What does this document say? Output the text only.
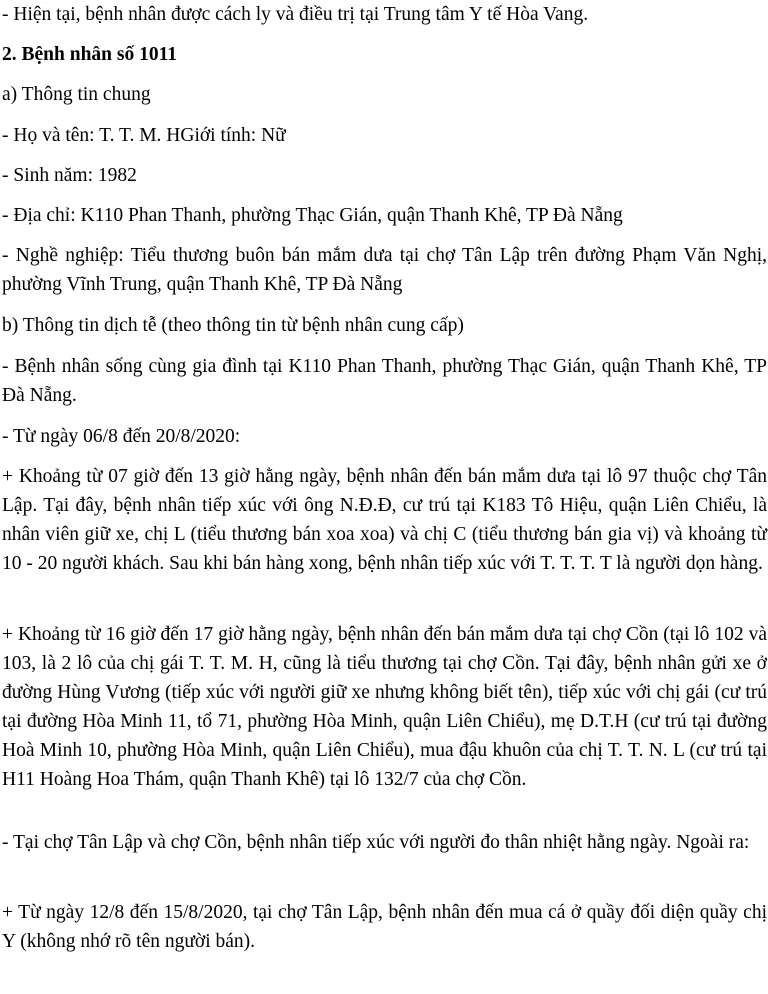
- Hiện tại, bệnh nhân được cách ly và điều trị tại Trung tâm Y tế Hòa Vang.

2. Bệnh nhân số 1011

a) Thông tin chung

- Họ và tên: T. T. M. HGiới tính: Nữ

- Sinh năm: 1982

- Địa chỉ: K110 Phan Thanh, phường Thạc Gián, quận Thanh Khê, TP Đà Nẵng

- Nghề nghiệp: Tiểu thương buôn bán mắm dưa tại chợ Tân Lập trên đường Phạm Văn Nghị, phường Vĩnh Trung, quận Thanh Khê, TP Đà Nẵng

b) Thông tin dịch tễ (theo thông tin từ bệnh nhân cung cấp)

- Bệnh nhân sống cùng gia đình tại K110 Phan Thanh, phường Thạc Gián, quận Thanh Khê, TP Đà Nẵng.

- Từ ngày 06/8 đến 20/8/2020:

+ Khoảng từ 07 giờ đến 13 giờ hằng ngày, bệnh nhân đến bán mắm dưa tại lô 97 thuộc chợ Tân Lập. Tại đây, bệnh nhân tiếp xúc với ông N.Đ.Đ, cư trú tại K183 Tô Hiệu, quận Liên Chiểu, là nhân viên giữ xe, chị L (tiểu thương bán xoa xoa) và chị C (tiểu thương bán gia vị) và khoảng từ 10 - 20 người khách. Sau khi bán hàng xong, bệnh nhân tiếp xúc với T. T. T. T là người dọn hàng.

+ Khoảng từ 16 giờ đến 17 giờ hằng ngày, bệnh nhân đến bán mắm dưa tại chợ Cồn (tại lô 102 và 103, là 2 lô của chị gái T. T. M. H, cũng là tiểu thương tại chợ Cồn. Tại đây, bệnh nhân gửi xe ở đường Hùng Vương (tiếp xúc với người giữ xe nhưng không biết tên), tiếp xúc với chị gái (cư trú tại đường Hòa Minh 11, tổ 71, phường Hòa Minh, quận Liên Chiểu), mẹ D.T.H (cư trú tại đường Hoà Minh 10, phường Hòa Minh, quận Liên Chiểu), mua đậu khuôn của chị T. T. N. L (cư trú tại H11 Hoàng Hoa Thám, quận Thanh Khê) tại lô 132/7 của chợ Cồn.

- Tại chợ Tân Lập và chợ Cồn, bệnh nhân tiếp xúc với người đo thân nhiệt hằng ngày. Ngoài ra:

+ Từ ngày 12/8 đến 15/8/2020, tại chợ Tân Lập, bệnh nhân đến mua cá ở quầy đối diện quầy chị Y (không nhớ rõ tên người bán).
